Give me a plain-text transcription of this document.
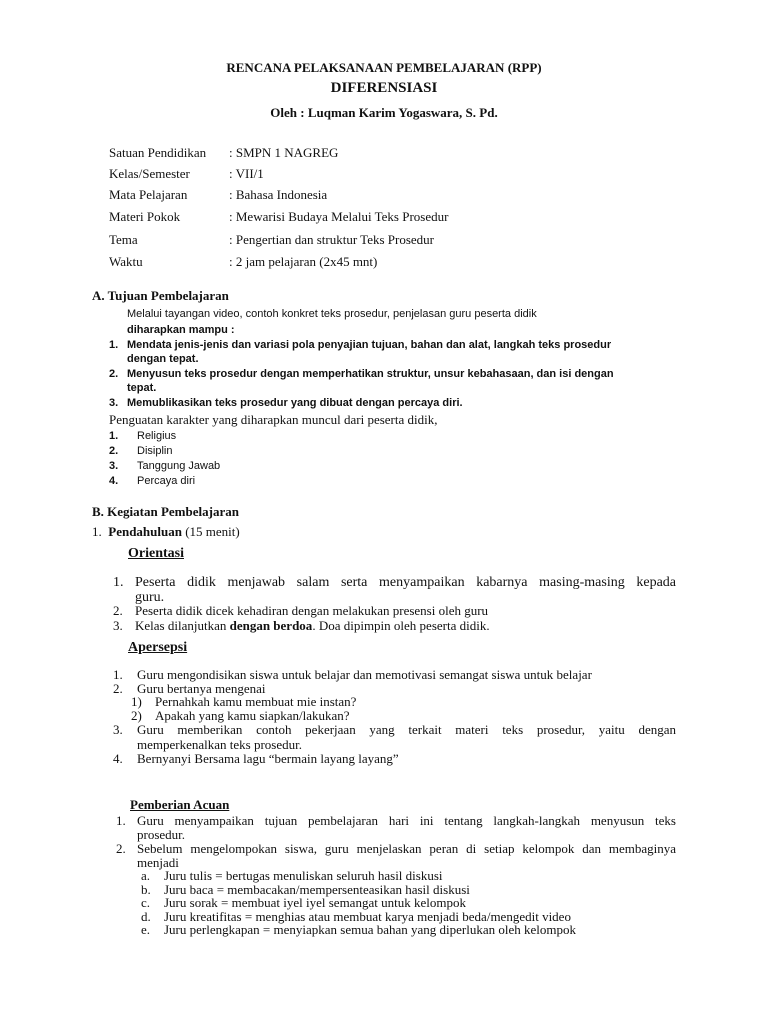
RENCANA PELAKSANAAN PEMBELAJARAN (RPP)
DIFERENSIASI
Oleh : Luqman Karim Yogaswara, S. Pd.
Satuan Pendidikan : SMPN 1 NAGREG
Kelas/Semester	: VII/1
Mata Pelajaran	: Bahasa Indonesia
Materi Pokok	: Mewarisi Budaya Melalui Teks Prosedur
Tema	: Pengertian dan struktur Teks Prosedur
Waktu	: 2 jam pelajaran (2x45 mnt)
A. Tujuan Pembelajaran
Melalui tayangan video, contoh konkret teks prosedur, penjelasan guru peserta didik
diharapkan mampu :
1. Mendata jenis-jenis dan variasi pola penyajian tujuan, bahan dan alat, langkah teks prosedur
dengan tepat.
2. Menyusun teks prosedur dengan memperhatikan struktur, unsur kebahasaan, dan isi dengan
tepat.
3. Memublikasikan teks prosedur yang dibuat dengan percaya diri.
Penguatan karakter yang diharapkan muncul dari peserta didik,
1. Religius
2. Disiplin
3. Tanggung Jawab
4. Percaya diri
B. Kegiatan Pembelajaran
1. Pendahuluan (15 menit)
Orientasi
1. Peserta didik menjawab salam serta menyampaikan kabarnya masing-masing kepada
guru.
2. Peserta didik dicek kehadiran dengan melakukan presensi oleh guru
3. Kelas dilanjutkan dengan berdoa. Doa dipimpin oleh peserta didik.
Apersepsi
1. Guru mengondisikan siswa untuk belajar dan memotivasi semangat siswa untuk belajar
2. Guru bertanya mengenai
1) Pernahkah kamu membuat mie instan?
2) Apakah yang kamu siapkan/lakukan?
3. Guru memberikan contoh pekerjaan yang terkait materi teks prosedur, yaitu dengan
memperkenalkan teks prosedur.
4. Bernyanyi Bersama lagu “bermain layang layang”
Pemberian Acuan
1. Guru menyampaikan tujuan pembelajaran hari ini tentang langkah-langkah menyusun teks
prosedur.
2. Sebelum mengelompokan siswa, guru menjelaskan peran di setiap kelompok dan membaginya
menjadi
a. Juru tulis = bertugas menuliskan seluruh hasil diskusi
b. Juru baca = membacakan/mempersenteasikan hasil diskusi
c. Juru sorak = membuat iyel iyel semangat untuk kelompok
d. Juru kreatifitas = menghias atau membuat karya menjadi beda/mengedit video
e. Juru perlengkapan = menyiapkan semua bahan yang diperlukan oleh kelompok
